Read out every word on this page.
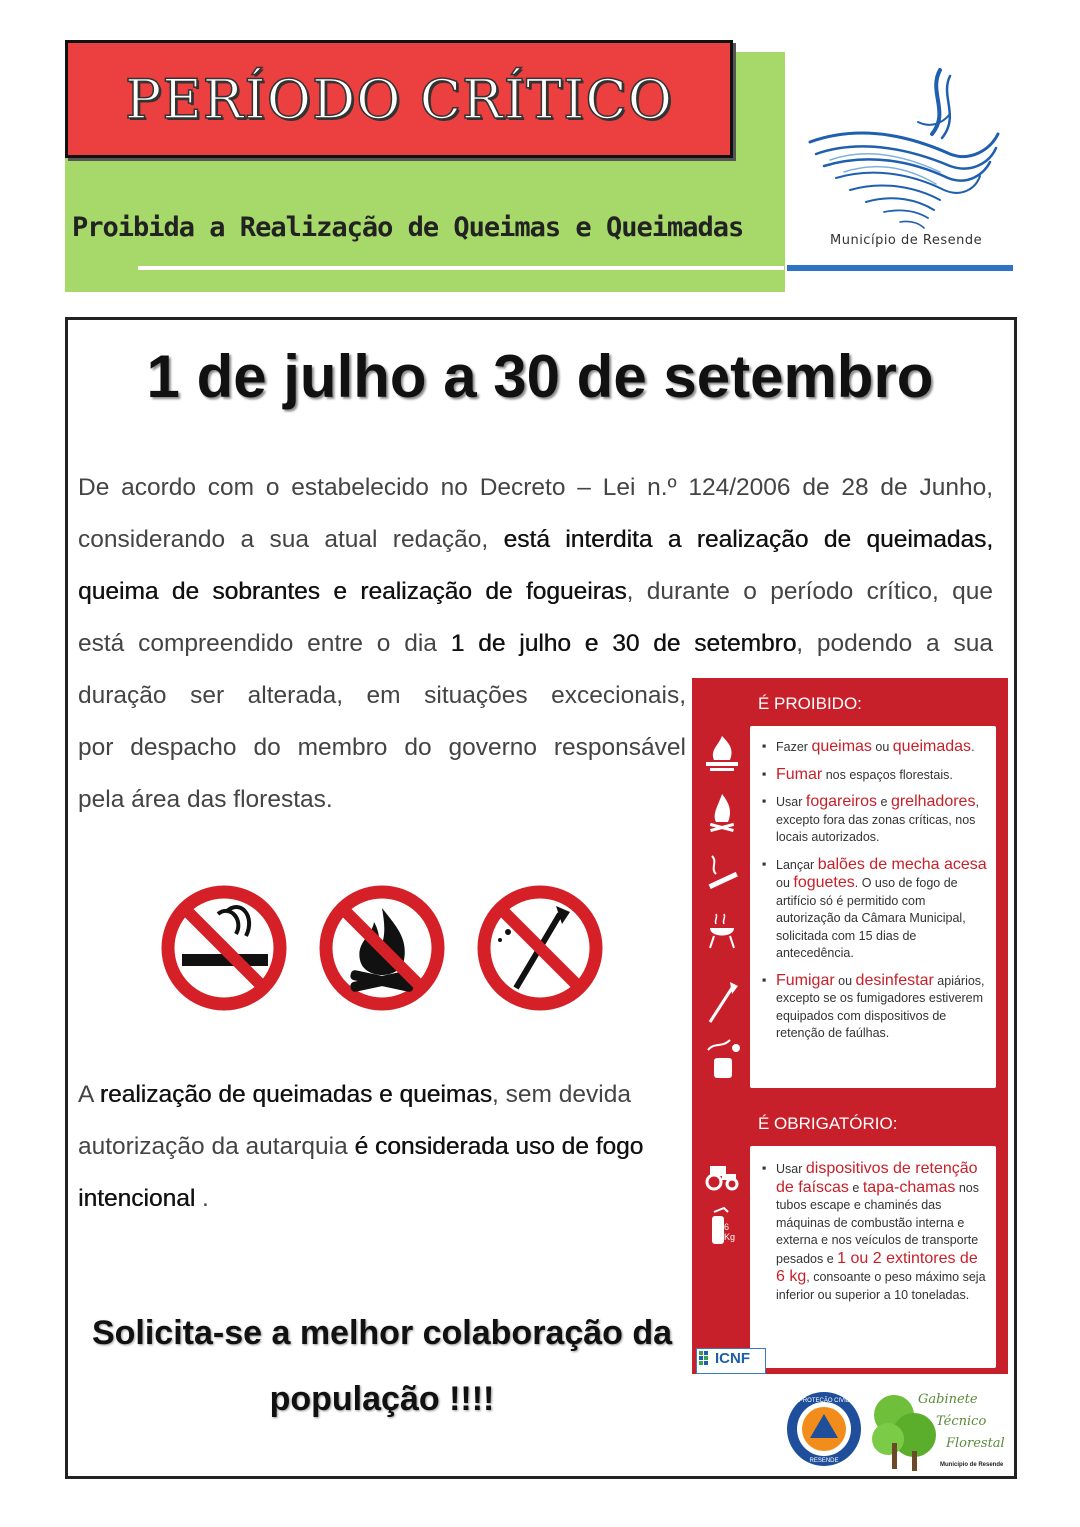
PERÍODO CRÍTICO
Proibida a Realização de Queimas e Queimadas	Município de Resende
1 de julho a 30 de setembro
De acordo com o estabelecido no Decreto – Lei n.º 124/2006 de 28 de Junho,
considerando a sua atual redação, está interdita a realização de queimadas,
queima de sobrantes e realização de fogueiras, durante o período crítico, que
está compreendido entre o dia 1 de julho e 30 de setembro, podendo a sua
duração ser alterada, em situações excecionais,
por despacho do membro do governo responsável
pela área das florestas.
A realização de queimadas e queimas, sem devida
autorização da autarquia é considerada uso de fogo
intencional .
Solicita-se a melhor colaboração da
população !!!!
É PROIBIDO:
▪ Fazer queimas ou queimadas.
▪ Fumar nos espaços florestais.
▪ Usar fogareiros e grelhadores, excepto fora das zonas críticas, nos locais autorizados.
▪ Lançar balões de mecha acesa ou foguetes. O uso de fogo de artifício só é permitido com autorização da Câmara Municipal, solicitada com 15 dias de antecedência.
▪ Fumigar ou desinfestar apiários, excepto se os fumigadores estiverem equipados com dispositivos de retenção de faúlhas.
É OBRIGATÓRIO:
▪ Usar dispositivos de retenção de faíscas e tapa-chamas nos tubos escape e chaminés das máquinas de combustão interna e externa e nos veículos de transporte pesados e 1 ou 2 extintores de 6 kg, consoante o peso máximo seja inferior ou superior a 10 toneladas.
6 Kg
ICNF
PROTEÇÃO CIVIL
RESENDE
Gabinete
Técnico
Florestal
Município de Resende
